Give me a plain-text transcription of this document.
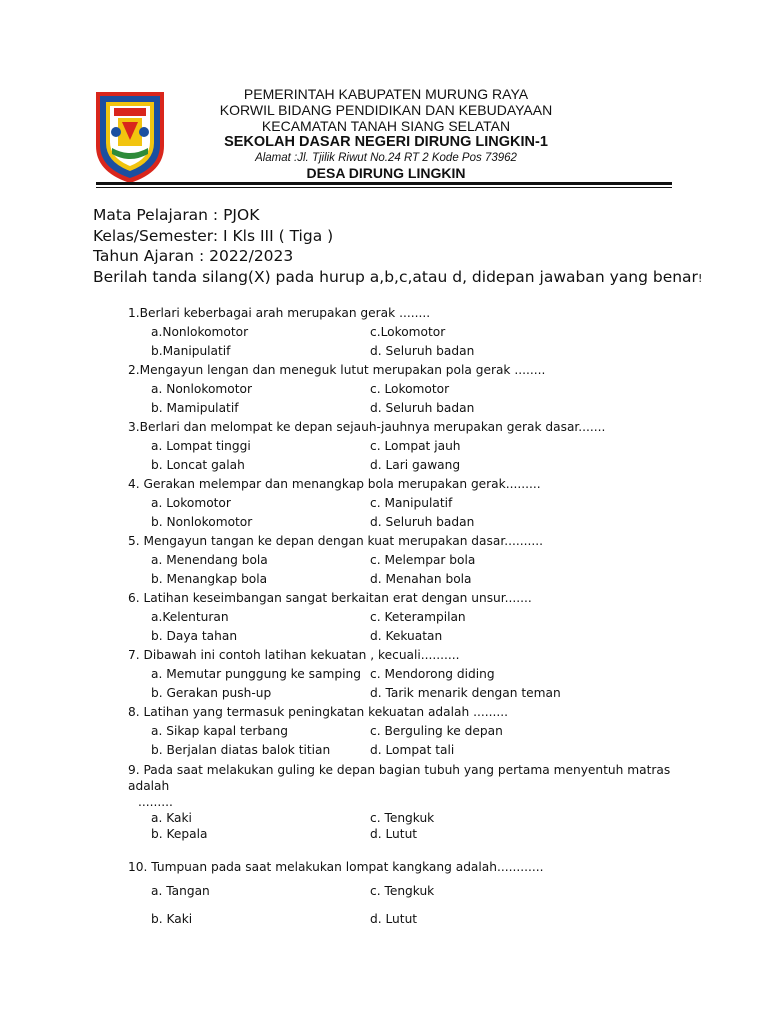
PEMERINTAH KABUPATEN MURUNG RAYA
KORWIL BIDANG PENDIDIKAN DAN KEBUDAYAAN
KECAMATAN TANAH SIANG SELATAN
SEKOLAH DASAR NEGERI DIRUNG LINGKIN-1
Alamat :Jl. Tjilik Riwut No.24 RT 2 Kode Pos 73962
DESA DIRUNG LINGKIN
Mata Pelajaran : PJOK
Kelas/Semester: I Kls III ( Tiga )
Tahun Ajaran : 2022/2023
Berilah tanda silang(X) pada hurup a,b,c,atau d, didepan jawaban yang benar!
1.Berlari keberbagai arah merupakan gerak ........
a.Nonlokomotor	c.Lokomotor
b.Manipulatif	d. Seluruh badan
2.Mengayun lengan dan meneguk lutut merupakan pola gerak ........
a. Nonlokomotor	c. Lokomotor
b. Mamipulatif	d. Seluruh badan
3.Berlari dan melompat ke depan sejauh-jauhnya merupakan gerak dasar.......
a. Lompat tinggi	c. Lompat jauh
b. Loncat galah	d. Lari gawang
4. Gerakan melempar dan menangkap bola merupakan gerak.........
a. Lokomotor	c. Manipulatif
b. Nonlokomotor	d. Seluruh badan
5. Mengayun tangan ke depan dengan kuat merupakan dasar..........
a. Menendang bola	c. Melempar bola
b. Menangkap bola	d. Menahan bola
6. Latihan keseimbangan sangat berkaitan erat dengan unsur.......
a.Kelenturan	c. Keterampilan
b. Daya tahan	d. Kekuatan
7. Dibawah ini contoh latihan kekuatan , kecuali..........
a. Memutar punggung ke samping c. Mendorong diding
b. Gerakan push-up	d. Tarik menarik dengan teman
8. Latihan yang termasuk peningkatan kekuatan adalah .........
a. Sikap kapal terbang	c. Berguling ke depan
b. Berjalan diatas balok titian	d. Lompat tali
9. Pada saat melakukan guling ke depan bagian tubuh yang pertama menyentuh matras adalah
.........
a. Kaki	c. Tengkuk
b. Kepala	d. Lutut
10. Tumpuan pada saat melakukan lompat kangkang adalah............
a. Tangan	c. Tengkuk
b. Kaki	d. Lutut
